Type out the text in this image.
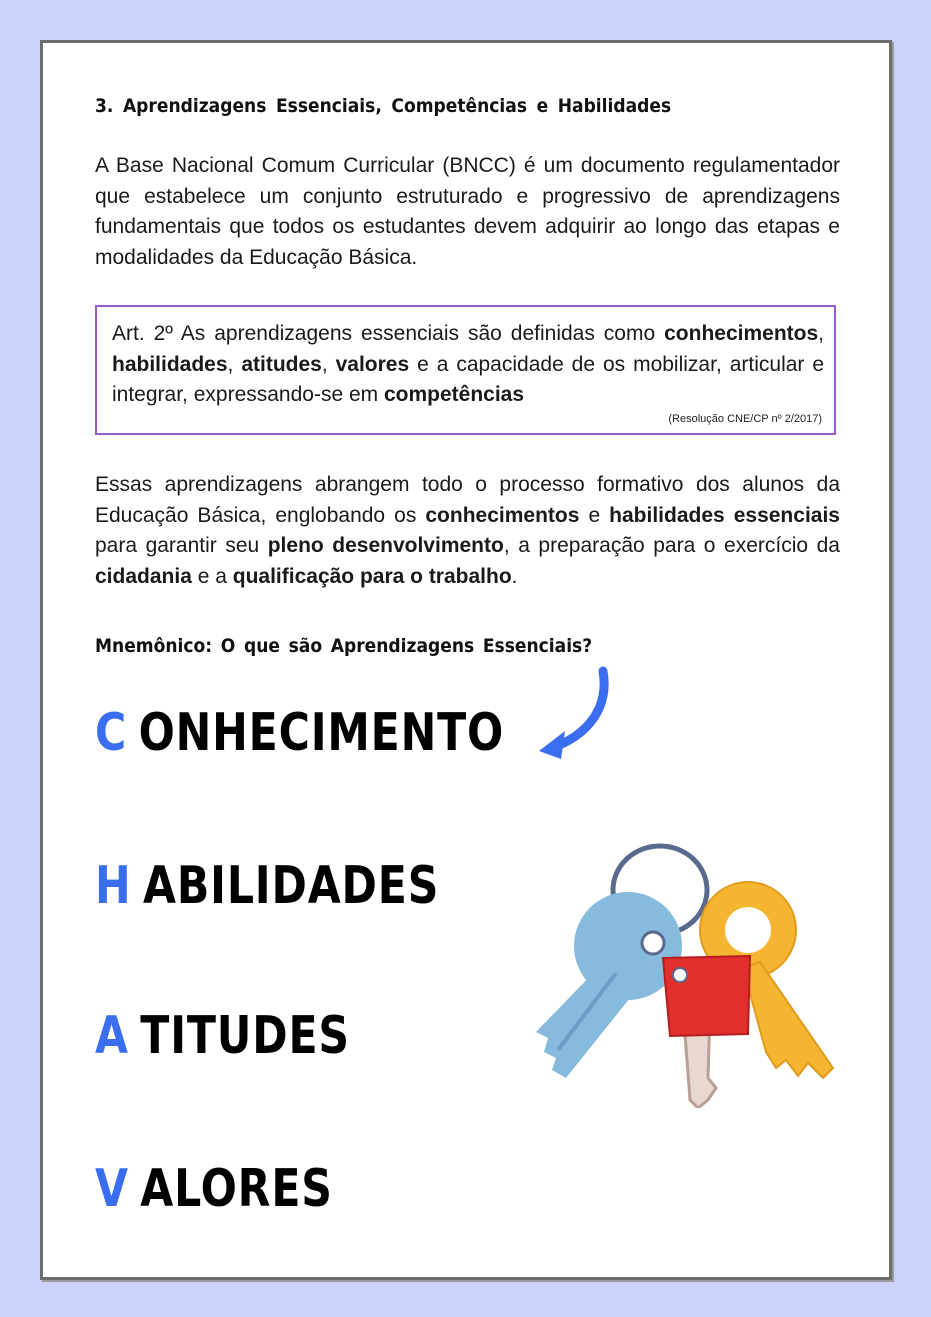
3. Aprendizagens Essenciais, Competências e Habilidades
A Base Nacional Comum Curricular (BNCC) é um documento regulamentador que estabelece um conjunto estruturado e progressivo de aprendizagens fundamentais que todos os estudantes devem adquirir ao longo das etapas e modalidades da Educação Básica.
Art. 2º As aprendizagens essenciais são definidas como conhecimentos, habilidades, atitudes, valores e a capacidade de os mobilizar, articular e integrar, expressando-se em competências
(Resolução CNE/CP nº 2/2017)
Essas aprendizagens abrangem todo o processo formativo dos alunos da Educação Básica, englobando os conhecimentos e habilidades essenciais para garantir seu pleno desenvolvimento, a preparação para o exercício da cidadania e a qualificação para o trabalho.
Mnemônico: O que são Aprendizagens Essenciais?
C ONHECIMENTO
H ABILIDADES
A TITUDES
V ALORES
